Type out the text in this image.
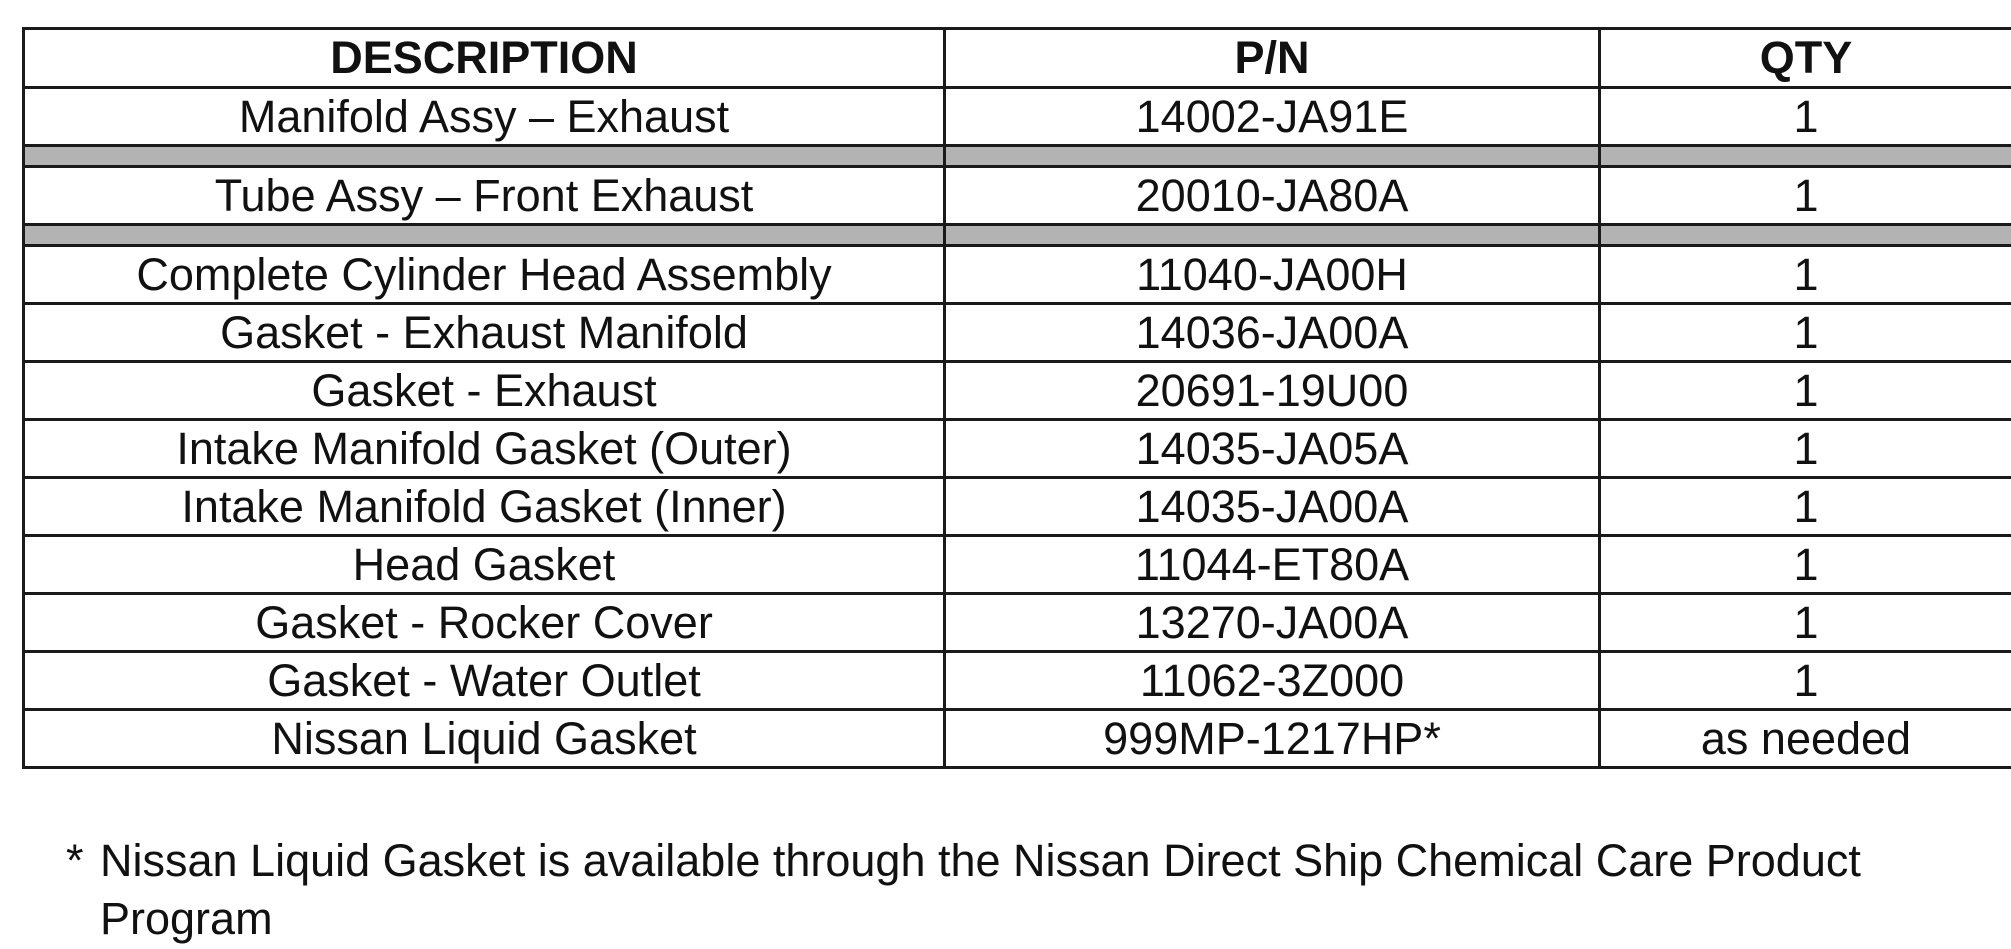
DESCRIPTION	P/N	QTY
Manifold Assy – Exhaust	14002-JA91E	1

Tube Assy – Front Exhaust	20010-JA80A	1

Complete Cylinder Head Assembly	11040-JA00H	1
Gasket - Exhaust Manifold	14036-JA00A	1
Gasket - Exhaust	20691-19U00	1
Intake Manifold Gasket (Outer)	14035-JA05A	1
Intake Manifold Gasket (Inner)	14035-JA00A	1
Head Gasket	11044-ET80A	1
Gasket - Rocker Cover	13270-JA00A	1
Gasket - Water Outlet	11062-3Z000	1
Nissan Liquid Gasket	999MP-1217HP*	as needed
* Nissan Liquid Gasket is available through the Nissan Direct Ship Chemical Care Product Program
